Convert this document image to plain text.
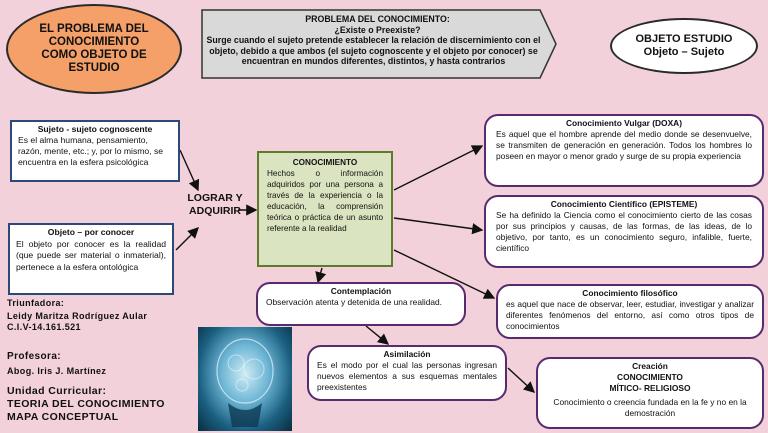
EL PROBLEMA DEL CONOCIMIENTO COMO OBJETO DE ESTUDIO
PROBLEMA DEL CONOCIMIENTO:
¿Existe o Preexiste?
Surge cuando el sujeto pretende establecer la relación de discernimiento con el objeto, debido a que ambos (el sujeto cognoscente y el objeto por conocer) se encuentran en mundos diferentes, distintos, y hasta contrarios
OBJETO ESTUDIO
Objeto – Sujeto
Sujeto - sujeto cognoscente
Es el alma humana, pensamiento, razón, mente, etc.; y, por lo mismo, se encuentra en la esfera psicológica
Objeto – por conocer
El objeto por conocer es la realidad (que puede ser material o inmaterial), pertenece a la esfera ontológica
LOGRAR Y ADQUIRIR
CONOCIMIENTO
Hechos o información adquiridos por una persona a través de la experiencia o la educación, la comprensión teórica o práctica de un asunto referente a la realidad
Conocimiento Vulgar (DOXA)
Es aquel que el hombre aprende del medio donde se desenvuelve, se transmiten de generación en generación. Todos los hombres lo poseen en mayor o menor grado y surge de su propia experiencia
Conocimiento Científico (EPISTEME)
Se ha definido la Ciencia como el conocimiento cierto de las cosas por sus principios y causas, de las formas, de las ideas, de lo objetivo, por tanto, es un conocimiento seguro, infalible, fuerte, científico
Conocimiento filosófico
es aquel que nace de observar, leer, estudiar, investigar y analizar diferentes fenómenos del entorno, así como otros tipos de conocimientos
Contemplación
Observación atenta y detenida de una realidad.
Asimilación
Es el modo por el cual las personas ingresan nuevos elementos a sus esquemas mentales preexistentes
Creación
CONOCIMIENTO
MÍTICO- RELIGIOSO
Conocimiento o creencia fundada en la fe y no en la demostración
Triunfadora:
Leidy Maritza Rodríguez Aular
C.I.V-14.161.521
Profesora:
Abog. Iris J. Martínez
Unidad Curricular:
TEORIA DEL CONOCIMIENTO
MAPA CONCEPTUAL
